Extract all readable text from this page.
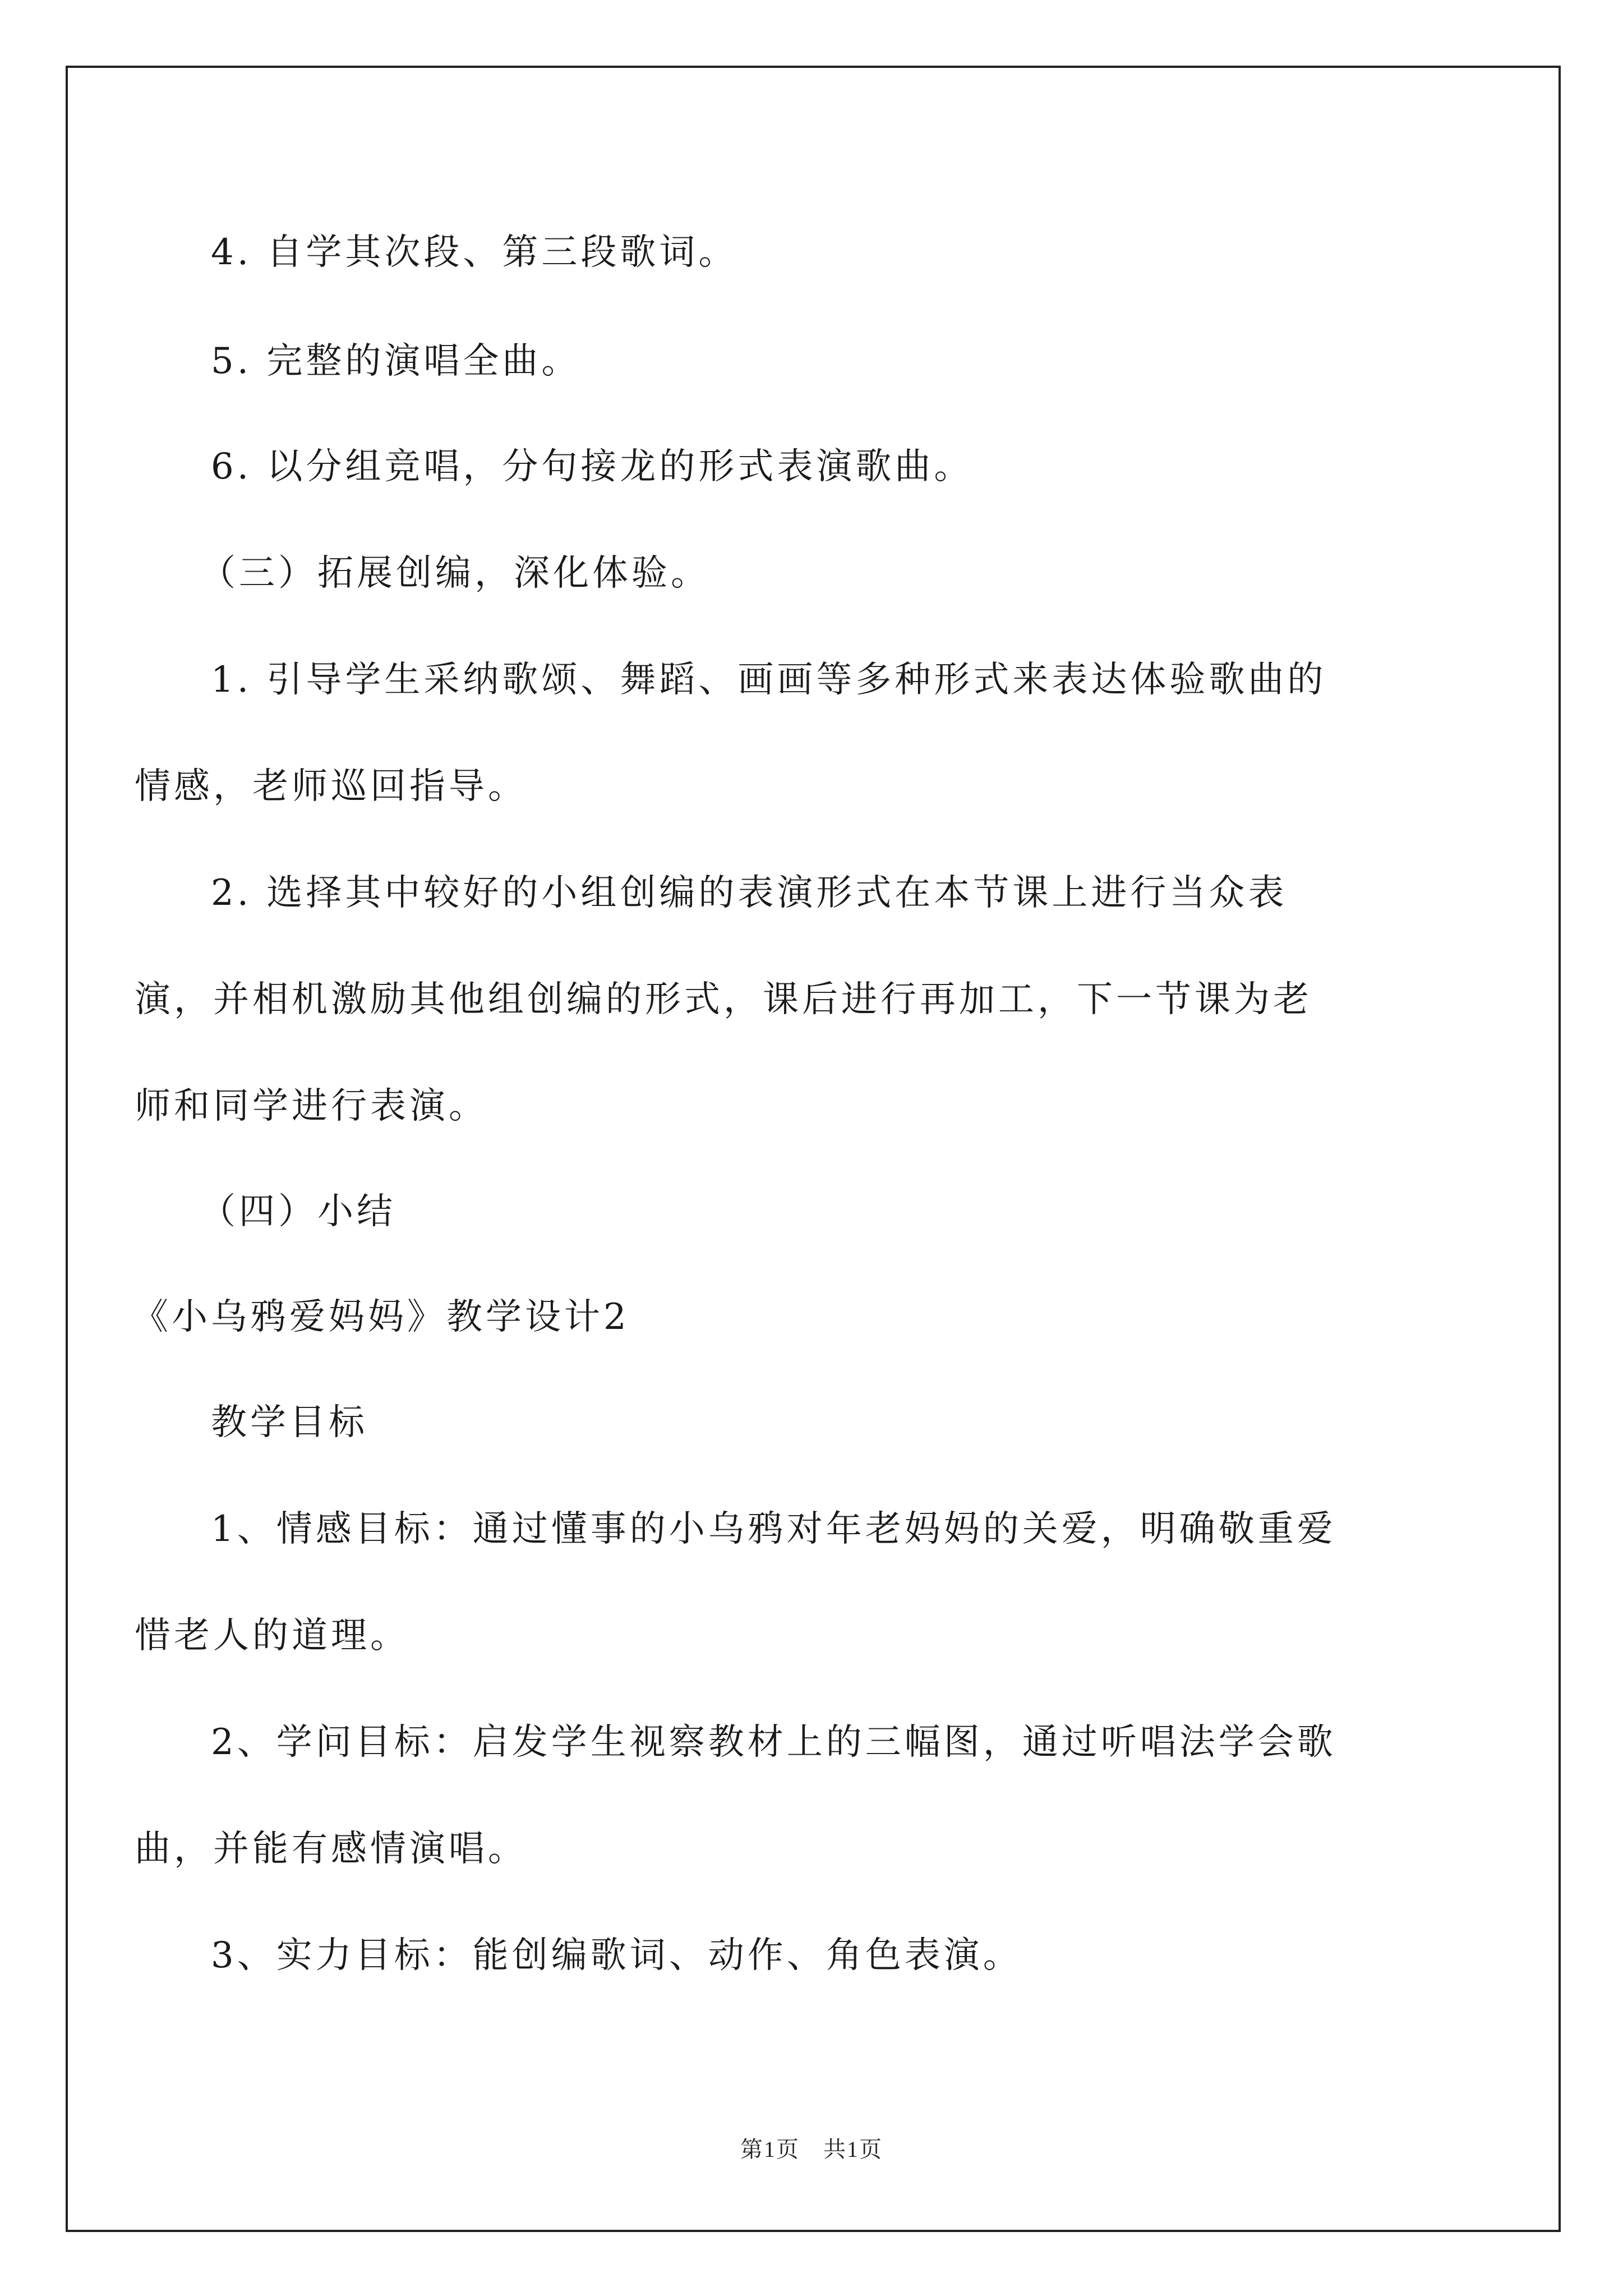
4. 自学其次段、第三段歌词。
5. 完整的演唱全曲。
6. 以分组竞唱，分句接龙的形式表演歌曲。
（三）拓展创编，深化体验。
1. 引导学生采纳歌颂、舞蹈、画画等多种形式来表达体验歌曲的
情感，老师巡回指导。
2. 选择其中较好的小组创编的表演形式在本节课上进行当众表
演，并相机激励其他组创编的形式，课后进行再加工，下一节课为老
师和同学进行表演。
（四）小结
《小乌鸦爱妈妈》教学设计2
教学目标
1、情感目标：通过懂事的小乌鸦对年老妈妈的关爱，明确敬重爱
惜老人的道理。
2、学问目标：启发学生视察教材上的三幅图，通过听唱法学会歌
曲，并能有感情演唱。
3、实力目标：能创编歌词、动作、角色表演。
第1页　共1页
